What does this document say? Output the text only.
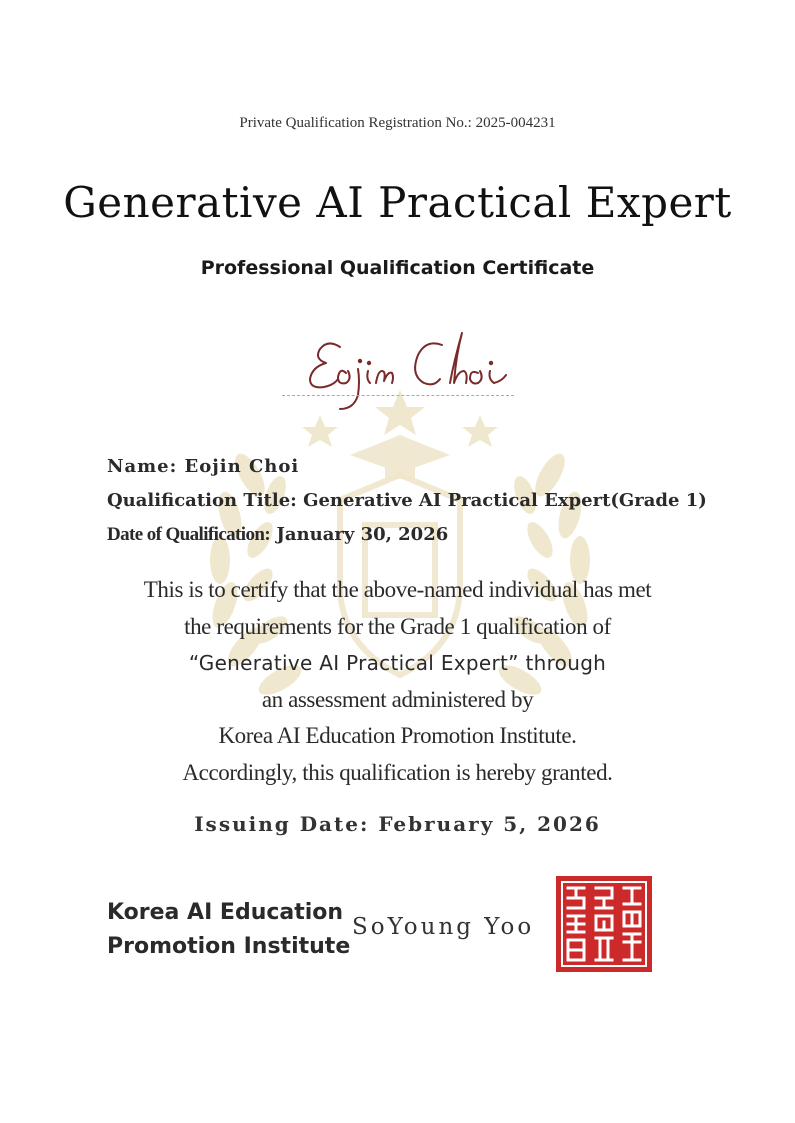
Private Qualification Registration No.: 2025-004231
Generative AI Practical Expert
Professional Qualification Certificate
Name: Eojin Choi
Qualification Title: Generative AI Practical Expert(Grade 1)
Date of Qualification: January 30, 2026
This is to certify that the above-named individual has met
the requirements for the Grade 1 qualification of
“Generative AI Practical Expert” through
an assessment administered by
Korea AI Education Promotion Institute.
Accordingly, this qualification is hereby granted.
Issuing Date: February 5, 2026
Korea AI Education
Promotion Institute
SoYoung Yoo
